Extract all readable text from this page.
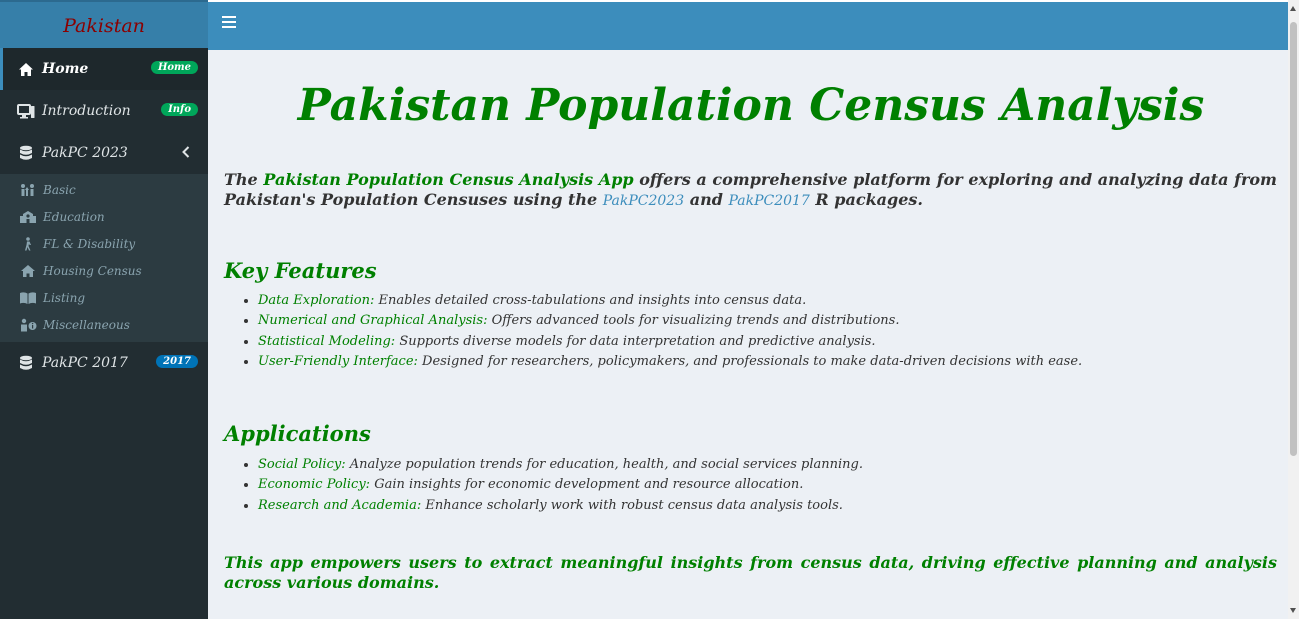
Pakistan
Home	Home
Introduction	Info
PakPC 2023
Basic
Education
FL & Disability
Housing Census
Listing
Miscellaneous
PakPC 2017	2017
Pakistan Population Census Analysis

The Pakistan Population Census Analysis App offers a comprehensive platform for exploring and analyzing data from Pakistan's Population Censuses using the PakPC2023 and PakPC2017 R packages.

Key Features
• Data Exploration: Enables detailed cross-tabulations and insights into census data.
• Numerical and Graphical Analysis: Offers advanced tools for visualizing trends and distributions.
• Statistical Modeling: Supports diverse models for data interpretation and predictive analysis.
• User-Friendly Interface: Designed for researchers, policymakers, and professionals to make data-driven decisions with ease.
Applications
• Social Policy: Analyze population trends for education, health, and social services planning.
• Economic Policy: Gain insights for economic development and resource allocation.
• Research and Academia: Enhance scholarly work with robust census data analysis tools.

This app empowers users to extract meaningful insights from census data, driving effective planning and analysis across various domains.
